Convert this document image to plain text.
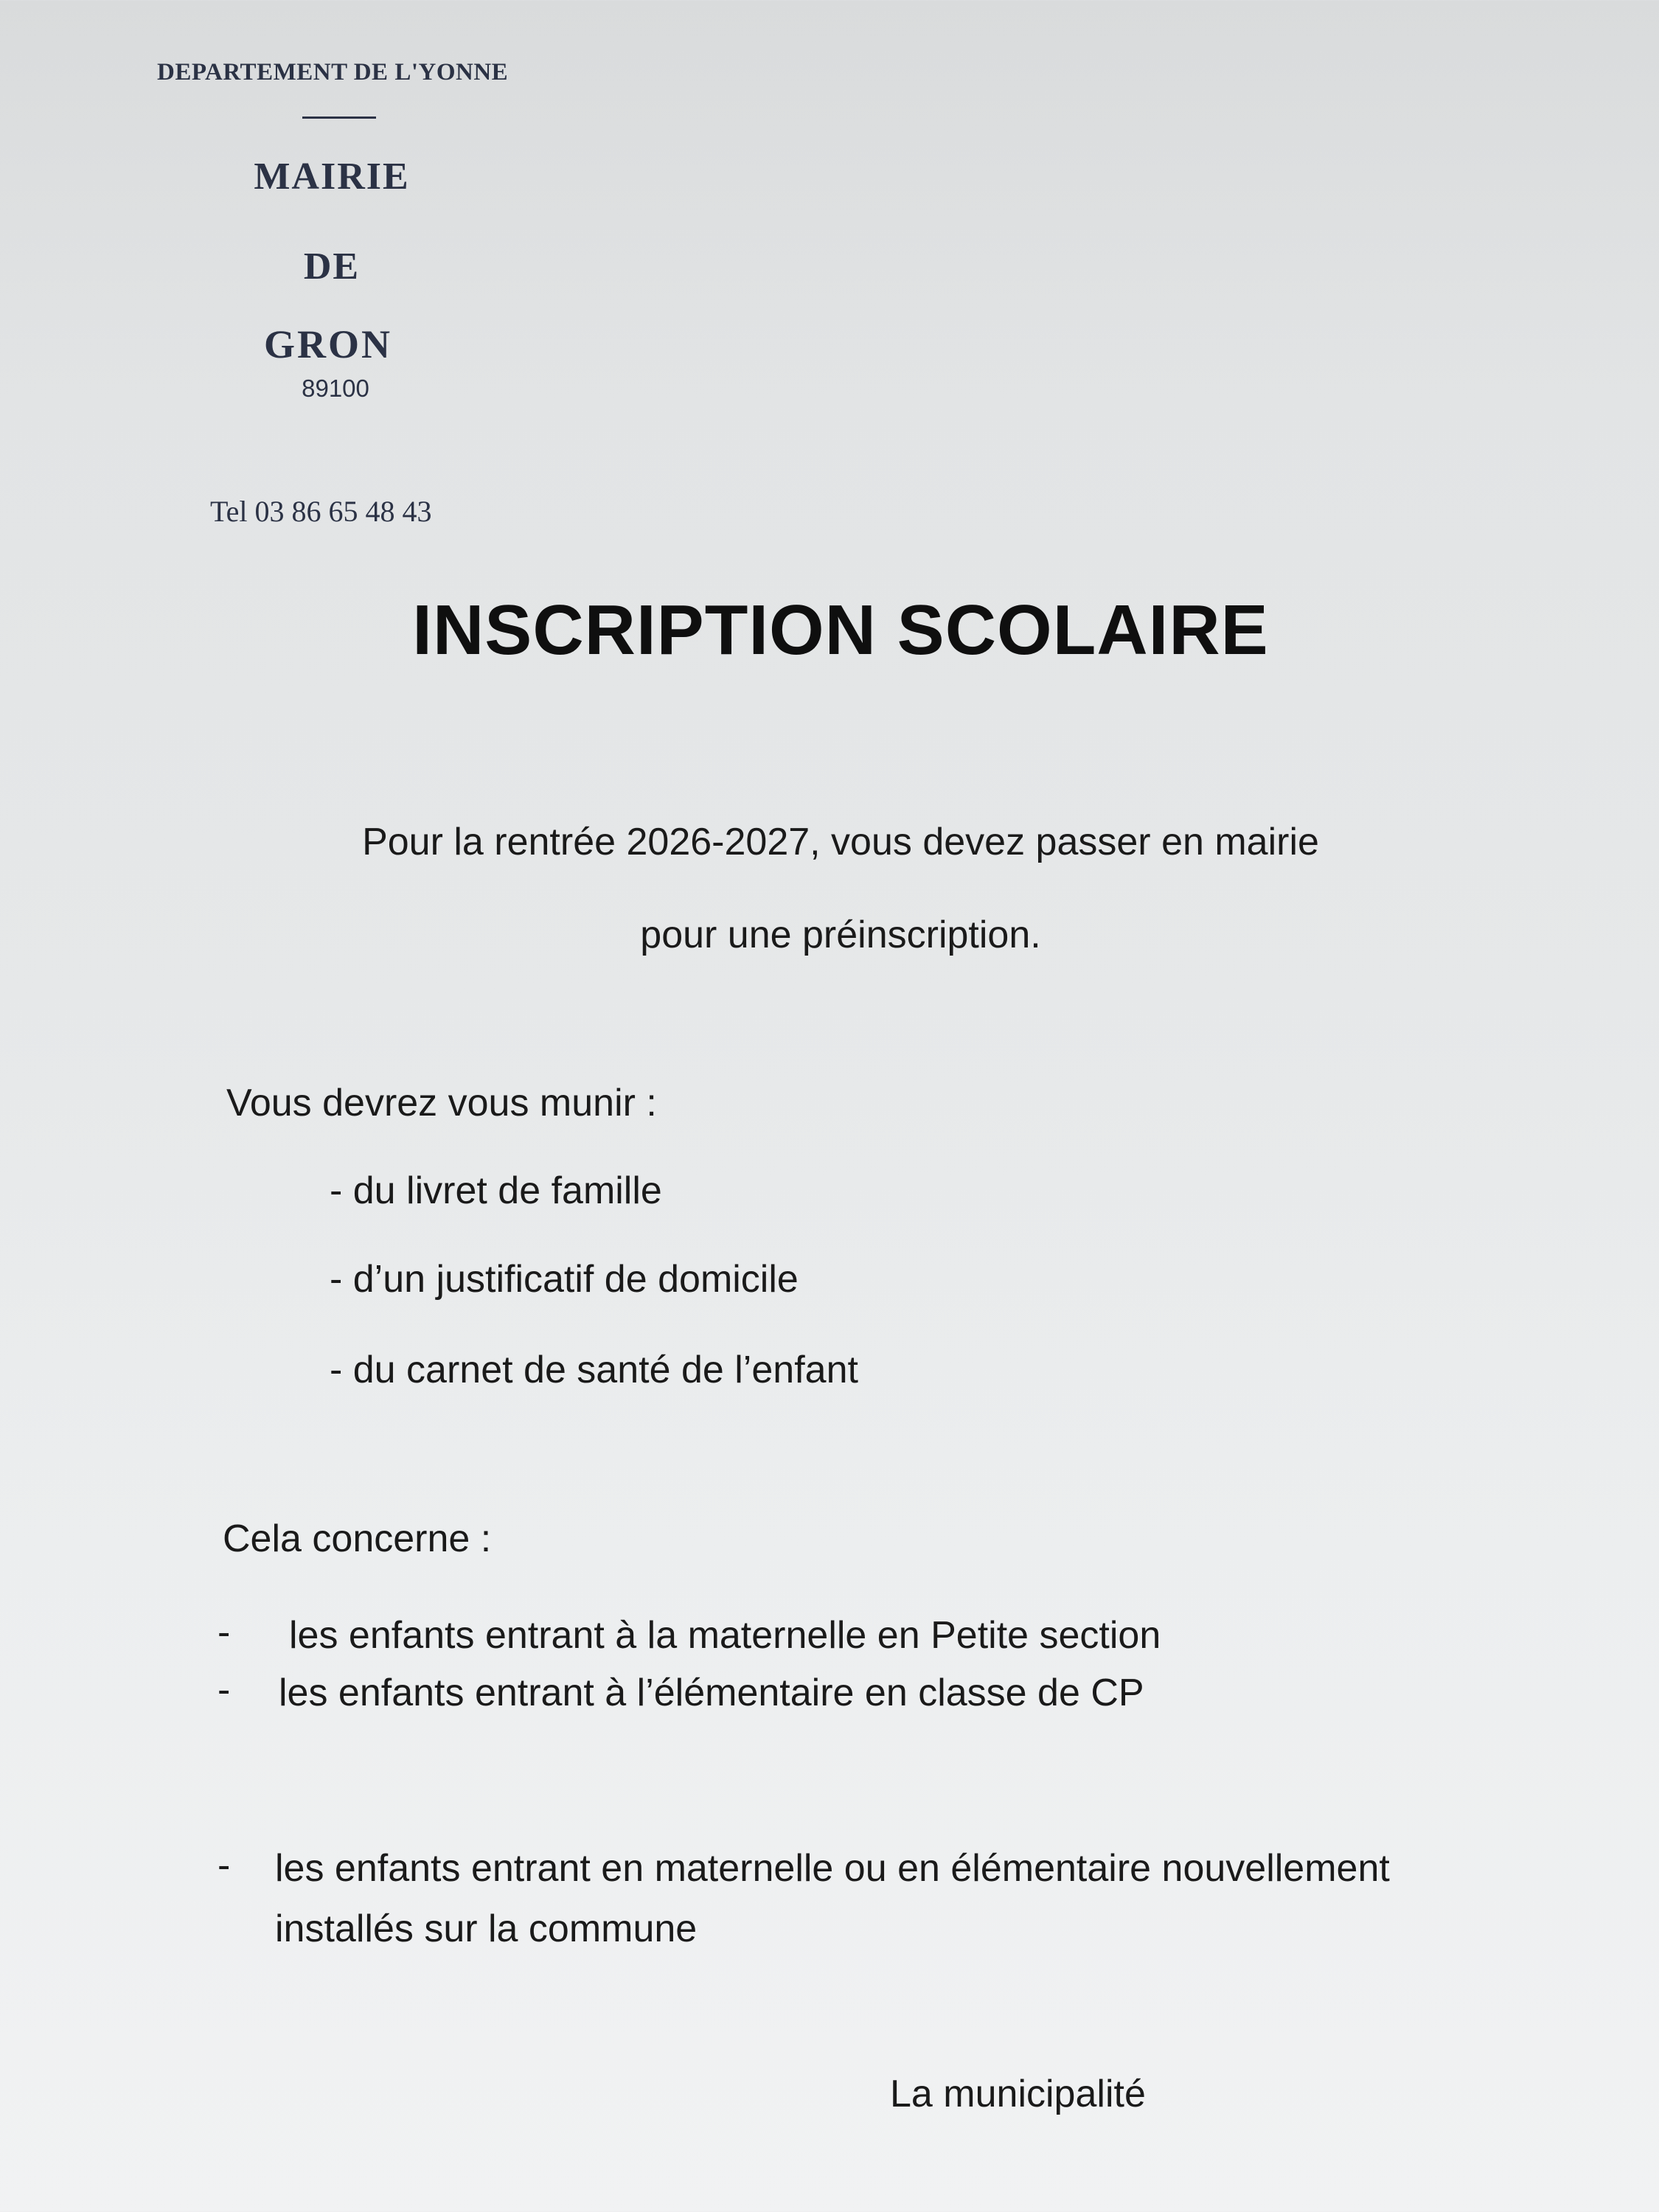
DEPARTEMENT DE L'YONNE
MAIRIE
DE
GRON
89100
Tel 03 86 65 48 43
INSCRIPTION SCOLAIRE
Pour la rentrée 2026-2027, vous devez passer en mairie
pour une préinscription.
Vous devrez vous munir :
- du livret de famille
- d’un justificatif de domicile
- du carnet de santé de l’enfant
Cela concerne :
- les enfants entrant à la maternelle en Petite section
- les enfants entrant à l’élémentaire en classe de CP
- les enfants entrant en maternelle ou en élémentaire nouvellement
installés sur la commune
La municipalité
